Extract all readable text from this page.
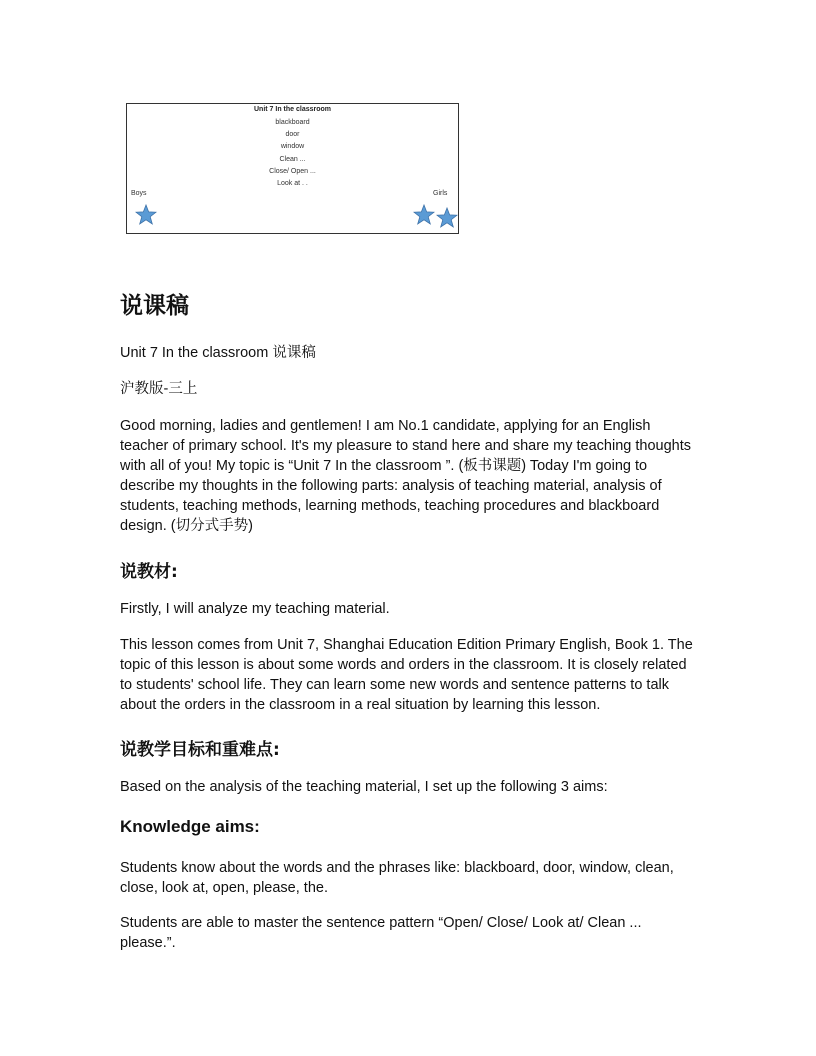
Unit 7 In the classroom
blackboard
door
window
Clean ...
Close/ Open ...
Look at . .
Boys	Girls
说课稿

Unit 7 In the classroom 说课稿

沪教版-三上

Good morning, ladies and gentlemen! I am No.1 candidate, applying for an English teacher of primary school. It's my pleasure to stand here and share my teaching thoughts with all of you! My topic is “Unit 7 In the classroom ”. (板书课题) Today I'm going to describe my thoughts in the following parts: analysis of teaching material, analysis of students, teaching methods, learning methods, teaching procedures and blackboard design. (切分式手势)

说教材:

Firstly, I will analyze my teaching material.

This lesson comes from Unit 7, Shanghai Education Edition Primary English, Book 1. The topic of this lesson is about some words and orders in the classroom. It is closely related to students' school life. They can learn some new words and sentence patterns to talk about the orders in the classroom in a real situation by learning this lesson.

说教学目标和重难点:

Based on the analysis of the teaching material, I set up the following 3 aims:

Knowledge aims:

Students know about the words and the phrases like: blackboard, door, window, clean, close, look at, open, please, the.

Students are able to master the sentence pattern “Open/ Close/ Look at/ Clean ... please.”.
